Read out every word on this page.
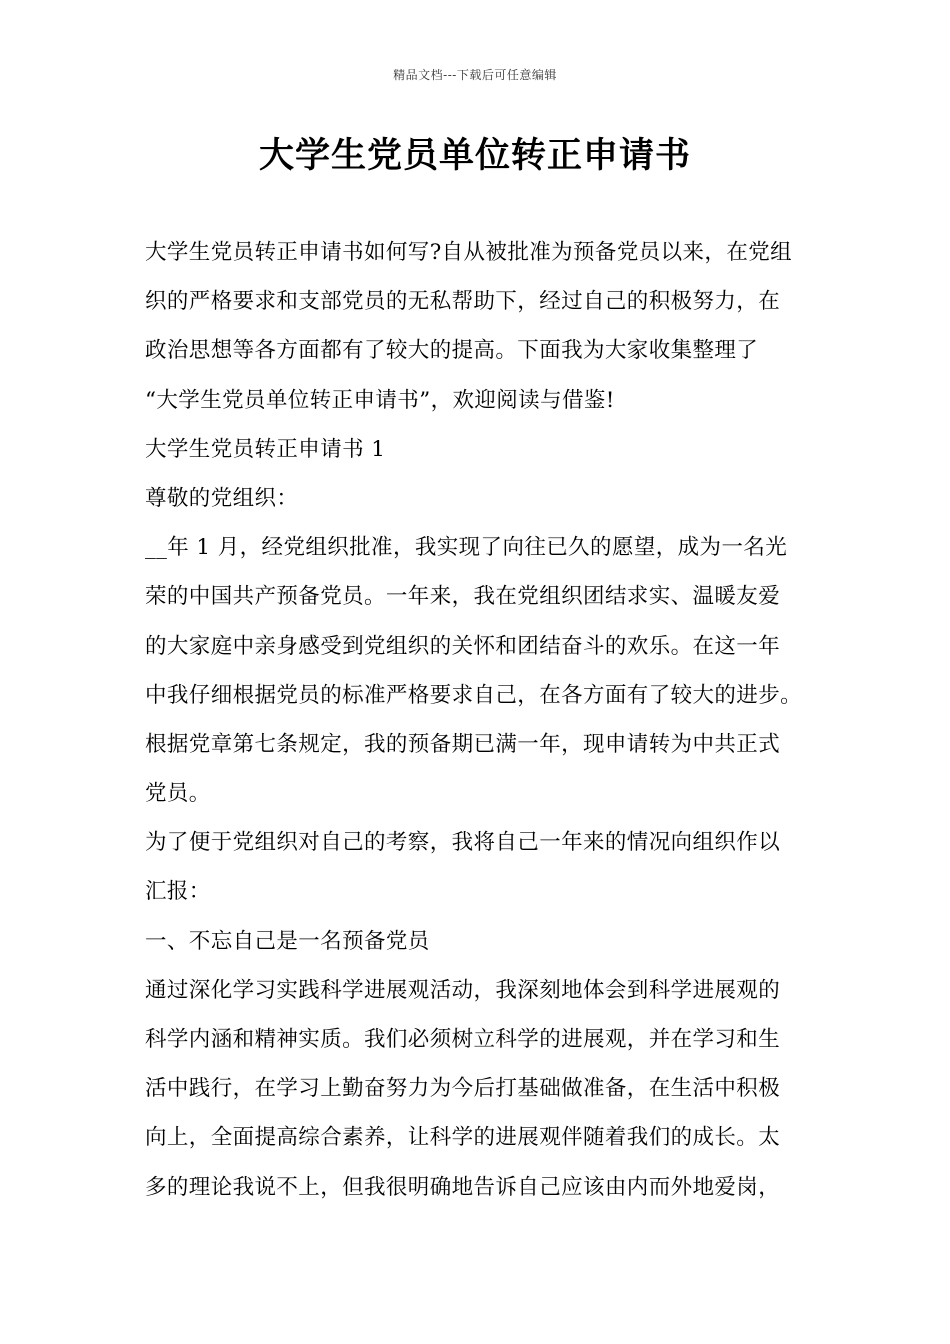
精品文档---下载后可任意编辑
大学生党员单位转正申请书
大学生党员转正申请书如何写?自从被批准为预备党员以来，在党组
织的严格要求和支部党员的无私帮助下，经过自己的积极努力，在
政治思想等各方面都有了较大的提高。下面我为大家收集整理了
“大学生党员单位转正申请书”，欢迎阅读与借鉴!
大学生党员转正申请书 1
尊敬的党组织：
__年 1 月，经党组织批准，我实现了向往已久的愿望，成为一名光
荣的中国共产预备党员。一年来，我在党组织团结求实、温暖友爱
的大家庭中亲身感受到党组织的关怀和团结奋斗的欢乐。在这一年
中我仔细根据党员的标准严格要求自己，在各方面有了较大的进步。
根据党章第七条规定，我的预备期已满一年，现申请转为中共正式
党员。
为了便于党组织对自己的考察，我将自己一年来的情况向组织作以
汇报：
一、不忘自己是一名预备党员
通过深化学习实践科学进展观活动，我深刻地体会到科学进展观的
科学内涵和精神实质。我们必须树立科学的进展观，并在学习和生
活中践行，在学习上勤奋努力为今后打基础做准备，在生活中积极
向上，全面提高综合素养，让科学的进展观伴随着我们的成长。太
多的理论我说不上，但我很明确地告诉自己应该由内而外地爱岗，
